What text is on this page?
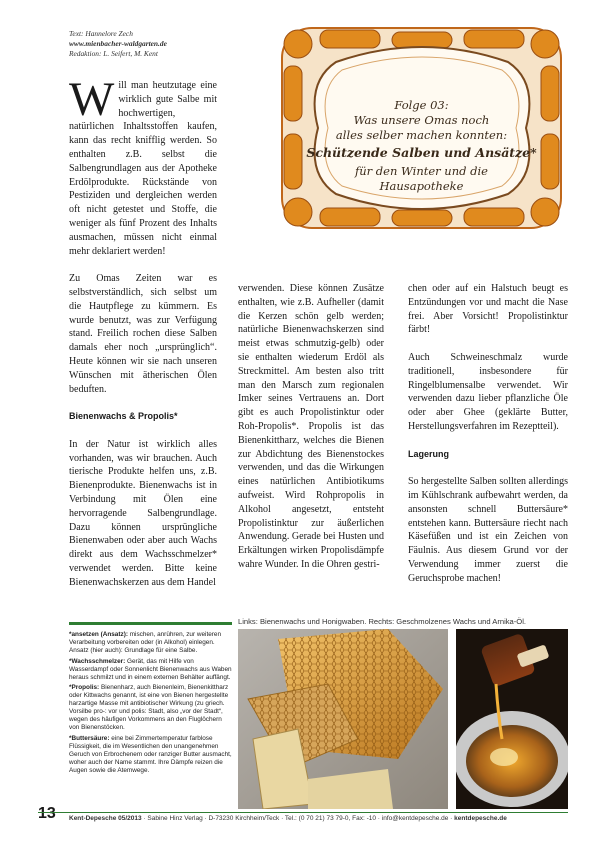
Text: Hannelore Zech
www.mienbacher-waldgarten.de
Redaktion: L. Seifert, M. Kent
Folge 03:
Was unsere Omas noch
alles selber machen konnten:
Schützende Salben und Ansätze*
für den Winter und die
Hausapotheke

Will man heutzutage eine wirklich gute Salbe mit hochwertigen, natürlichen Inhaltsstoffen kaufen, kann das recht knifflig werden. So enthalten z.B. selbst die Salbengrundlagen aus der Apotheke Erdölprodukte. Rückstände von Pestiziden und dergleichen werden oft nicht getestet und Stoffe, die weniger als fünf Prozent des Inhalts ausmachen, müssen nicht einmal mehr deklariert werden!

Zu Omas Zeiten war es selbstverständlich, sich selbst um die Hautpflege zu kümmern. Es wurde benutzt, was zur Verfügung stand. Freilich rochen diese Salben damals eher noch „ursprünglich“. Heute können wir sie nach unseren Wünschen mit ätherischen Ölen beduften.

Bienenwachs & Propolis*

In der Natur ist wirklich alles vorhanden, was wir brauchen. Auch tierische Produkte helfen uns, z.B. Bienenprodukte. Bienenwachs ist in Verbindung mit Ölen eine hervorragende Salbengrundlage. Dazu können ursprüngliche Bienenwaben oder aber auch Wachs direkt aus dem Wachsschmelzer* verwendet werden. Bitte keine Bienenwachskerzen aus dem Handel

verwenden. Diese können Zusätze enthalten, wie z.B. Aufheller (damit die Kerzen schön gelb werden; natürliche Bienenwachskerzen sind meist etwas schmutzig-gelb) oder sie enthalten wiederum Erdöl als Streckmittel. Am besten also tritt man den Marsch zum regionalen Imker seines Vertrauens an. Dort gibt es auch Propolistinktur oder Roh-Propolis*. Propolis ist das Bienenkittharz, welches die Bienen zur Abdichtung des Bienenstockes verwenden, und das die Wirkungen eines natürlichen Antibiotikums aufweist. Wird Rohpropolis in Alkohol angesetzt, entsteht Propolistinktur zur äußerlichen Anwendung. Gerade bei Husten und Erkältungen wirken Propolisdämpfe wahre Wunder. In die Ohren gestri-

chen oder auf ein Halstuch beugt es Entzündungen vor und macht die Nase frei. Aber Vorsicht! Propolistinktur färbt!

Auch Schweineschmalz wurde traditionell, insbesondere für Ringelblumensalbe verwendet. Wir verwenden dazu lieber pflanzliche Öle oder aber Ghee (geklärte Butter, Herstellungsverfahren im Rezeptteil).

Lagerung

So hergestellte Salben sollten allerdings im Kühlschrank aufbewahrt werden, da ansonsten schnell Buttersäure* entstehen kann. Buttersäure riecht nach Käsefüßen und ist ein Zeichen von Fäulnis. Aus diesem Grund vor der Verwendung immer zuerst die Geruchsprobe machen!

*ansetzen (Ansatz): mischen, anrühren, zur weiteren Verarbeitung vorbereiten oder (in Alkohol) einlegen. Ansatz (hier auch): Grundlage für eine Salbe.

*Wachsschmelzer: Gerät, das mit Hilfe von Wasserdampf oder Sonnenlicht Bienenwachs aus Waben heraus schmilzt und in einem externen Behälter auffängt.

*Propolis: Bienenharz, auch Bienenleim, Bienenkittharz oder Kittwachs genannt, ist eine von Bienen hergestellte harzartige Masse mit antibiotischer Wirkung (zu griech. Vorsilbe pro-: vor und polis: Stadt, also „vor der Stadt“, wegen des häufigen Vorkommens an den Fluglöchern von Bienenstöcken.

*Buttersäure: eine bei Zimmertemperatur farblose Flüssigkeit, die im Wesentlichen den unangenehmen Geruch von Erbrochenem oder ranziger Butter ausmacht, woher auch der Name stammt. Ihre Dämpfe reizen die Augen sowie die Atemwege.

Links: Bienenwachs und Honigwaben. Rechts: Geschmolzenes Wachs und Arnika-Öl.
13 Kent-Depesche 05/2013 · Sabine Hinz Verlag · D-73230 Kirchheim/Teck · Tel.: (0 70 21) 73 79-0, Fax: -10 · info@kentdepesche.de · kentdepesche.de
